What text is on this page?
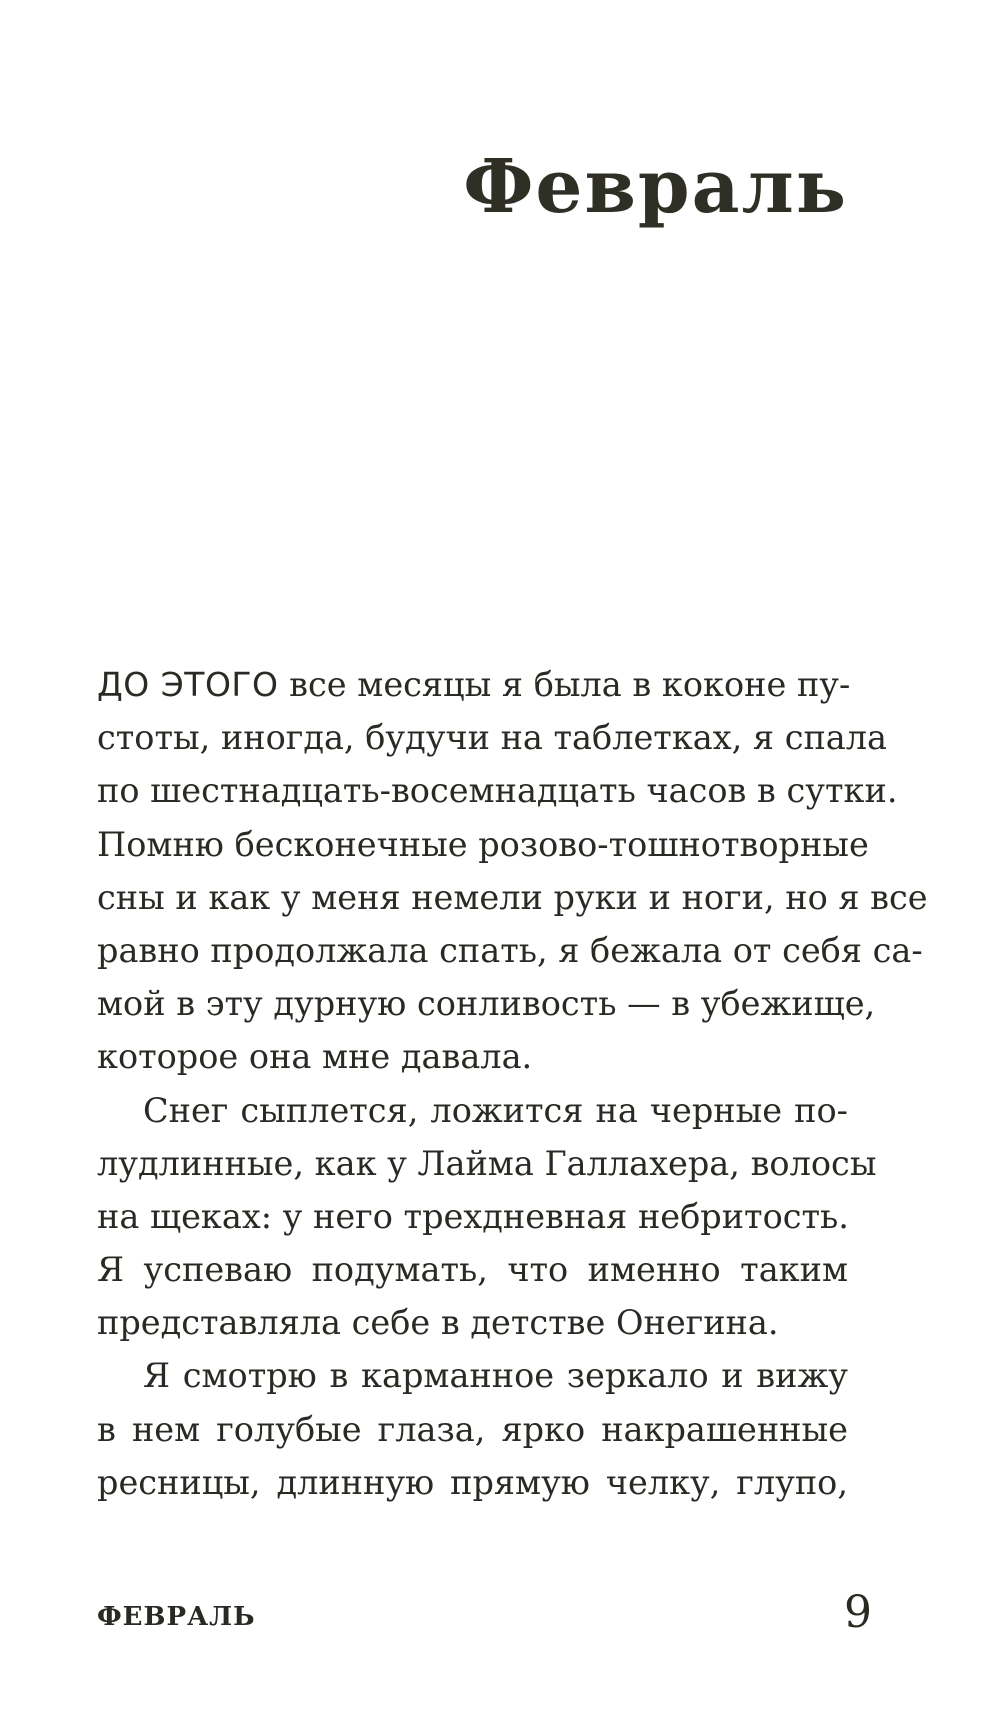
Февраль
ДО ЭТОГО все месяцы я была в коконе пу-
стоты, иногда, будучи на таблетках, я спала
по шестнадцать-восемнадцать часов в сутки.
Помню бесконечные розово-тошнотворные
сны и как у меня немели руки и ноги, но я все
равно продолжала спать, я бежала от себя са-
мой в эту дурную сонливость — в убежище,
которое она мне давала.
Снег сыплется, ложится на черные по-
лудлинные, как у Лайма Галлахера, волосы
на щеках: у него трехдневная небритость.
Я успеваю подумать, что именно таким
представляла себе в детстве Онегина.
Я смотрю в карманное зеркало и вижу
в нем голубые глаза, ярко накрашенные
ресницы, длинную прямую челку, глупо,
ФЕВРАЛЬ	9
